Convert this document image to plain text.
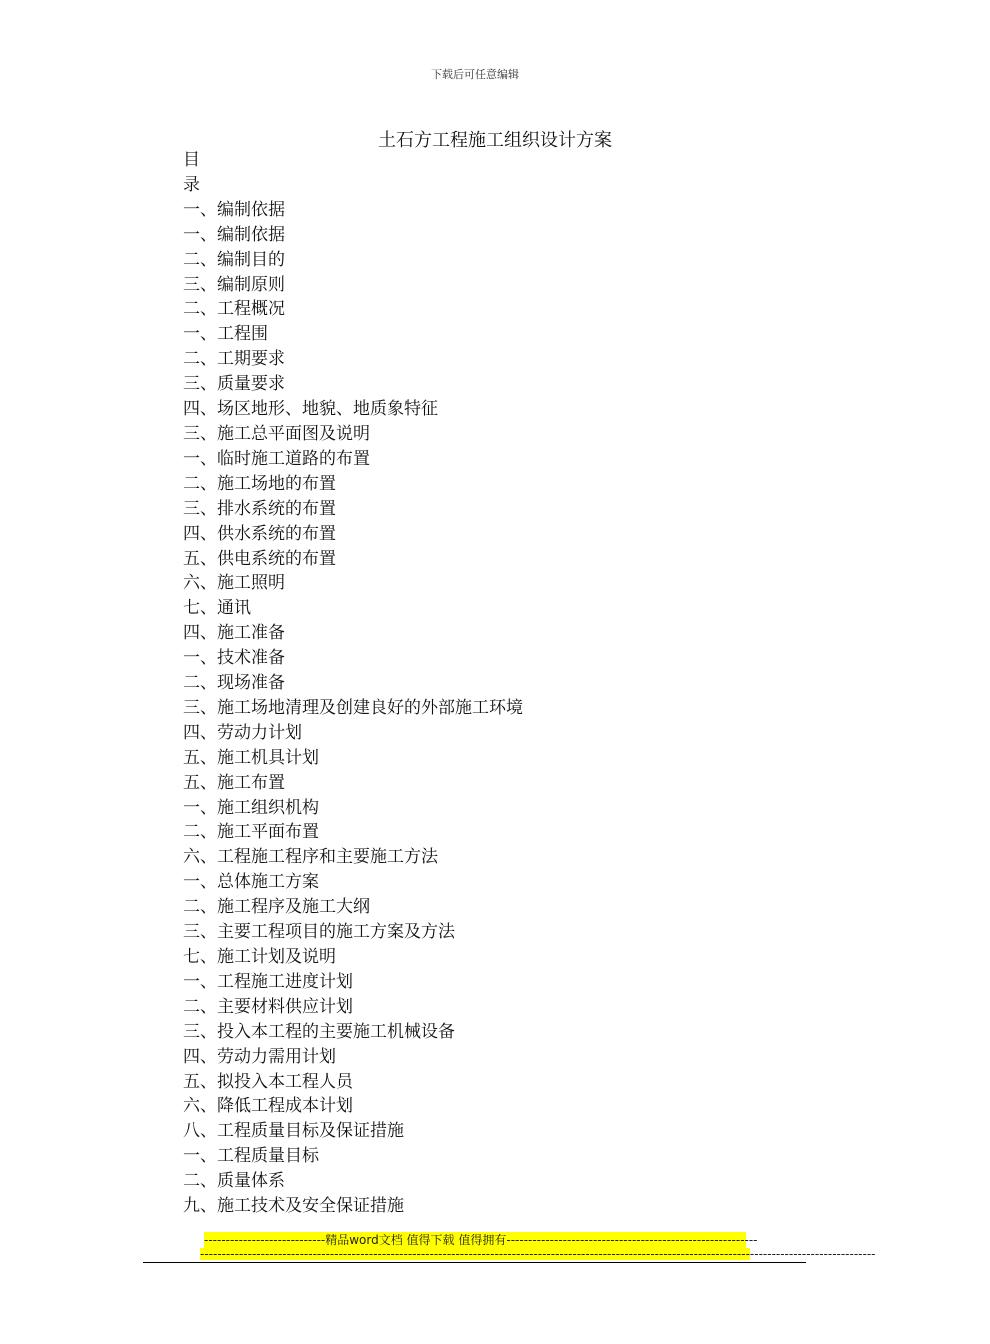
下载后可任意编辑
土石方工程施工组织设计方案
目
录
一、编制依据
一、编制依据
二、编制目的
三、编制原则
二、工程概况
一、工程围
二、工期要求
三、质量要求
四、场区地形、地貌、地质象特征
三、施工总平面图及说明
一、临时施工道路的布置
二、施工场地的布置
三、排水系统的布置
四、供水系统的布置
五、供电系统的布置
六、施工照明
七、通讯
四、施工准备
一、技术准备
二、现场准备
三、施工场地清理及创建良好的外部施工环境
四、劳动力计划
五、施工机具计划
五、施工布置
一、施工组织机构
二、施工平面布置
六、工程施工程序和主要施工方法
一、总体施工方案
二、施工程序及施工大纲
三、主要工程项目的施工方案及方法
七、施工计划及说明
一、工程施工进度计划
二、主要材料供应计划
三、投入本工程的主要施工机械设备
四、劳动力需用计划
五、拟投入本工程人员
六、降低工程成本计划
八、工程质量目标及保证措施
一、工程质量目标
二、质量体系
九、施工技术及安全保证措施
----------------------------精品word文档 值得下载 值得拥有----------------------------------------------------------
------------------------------------------------------------------------------------------------------------------------------------------------------------
